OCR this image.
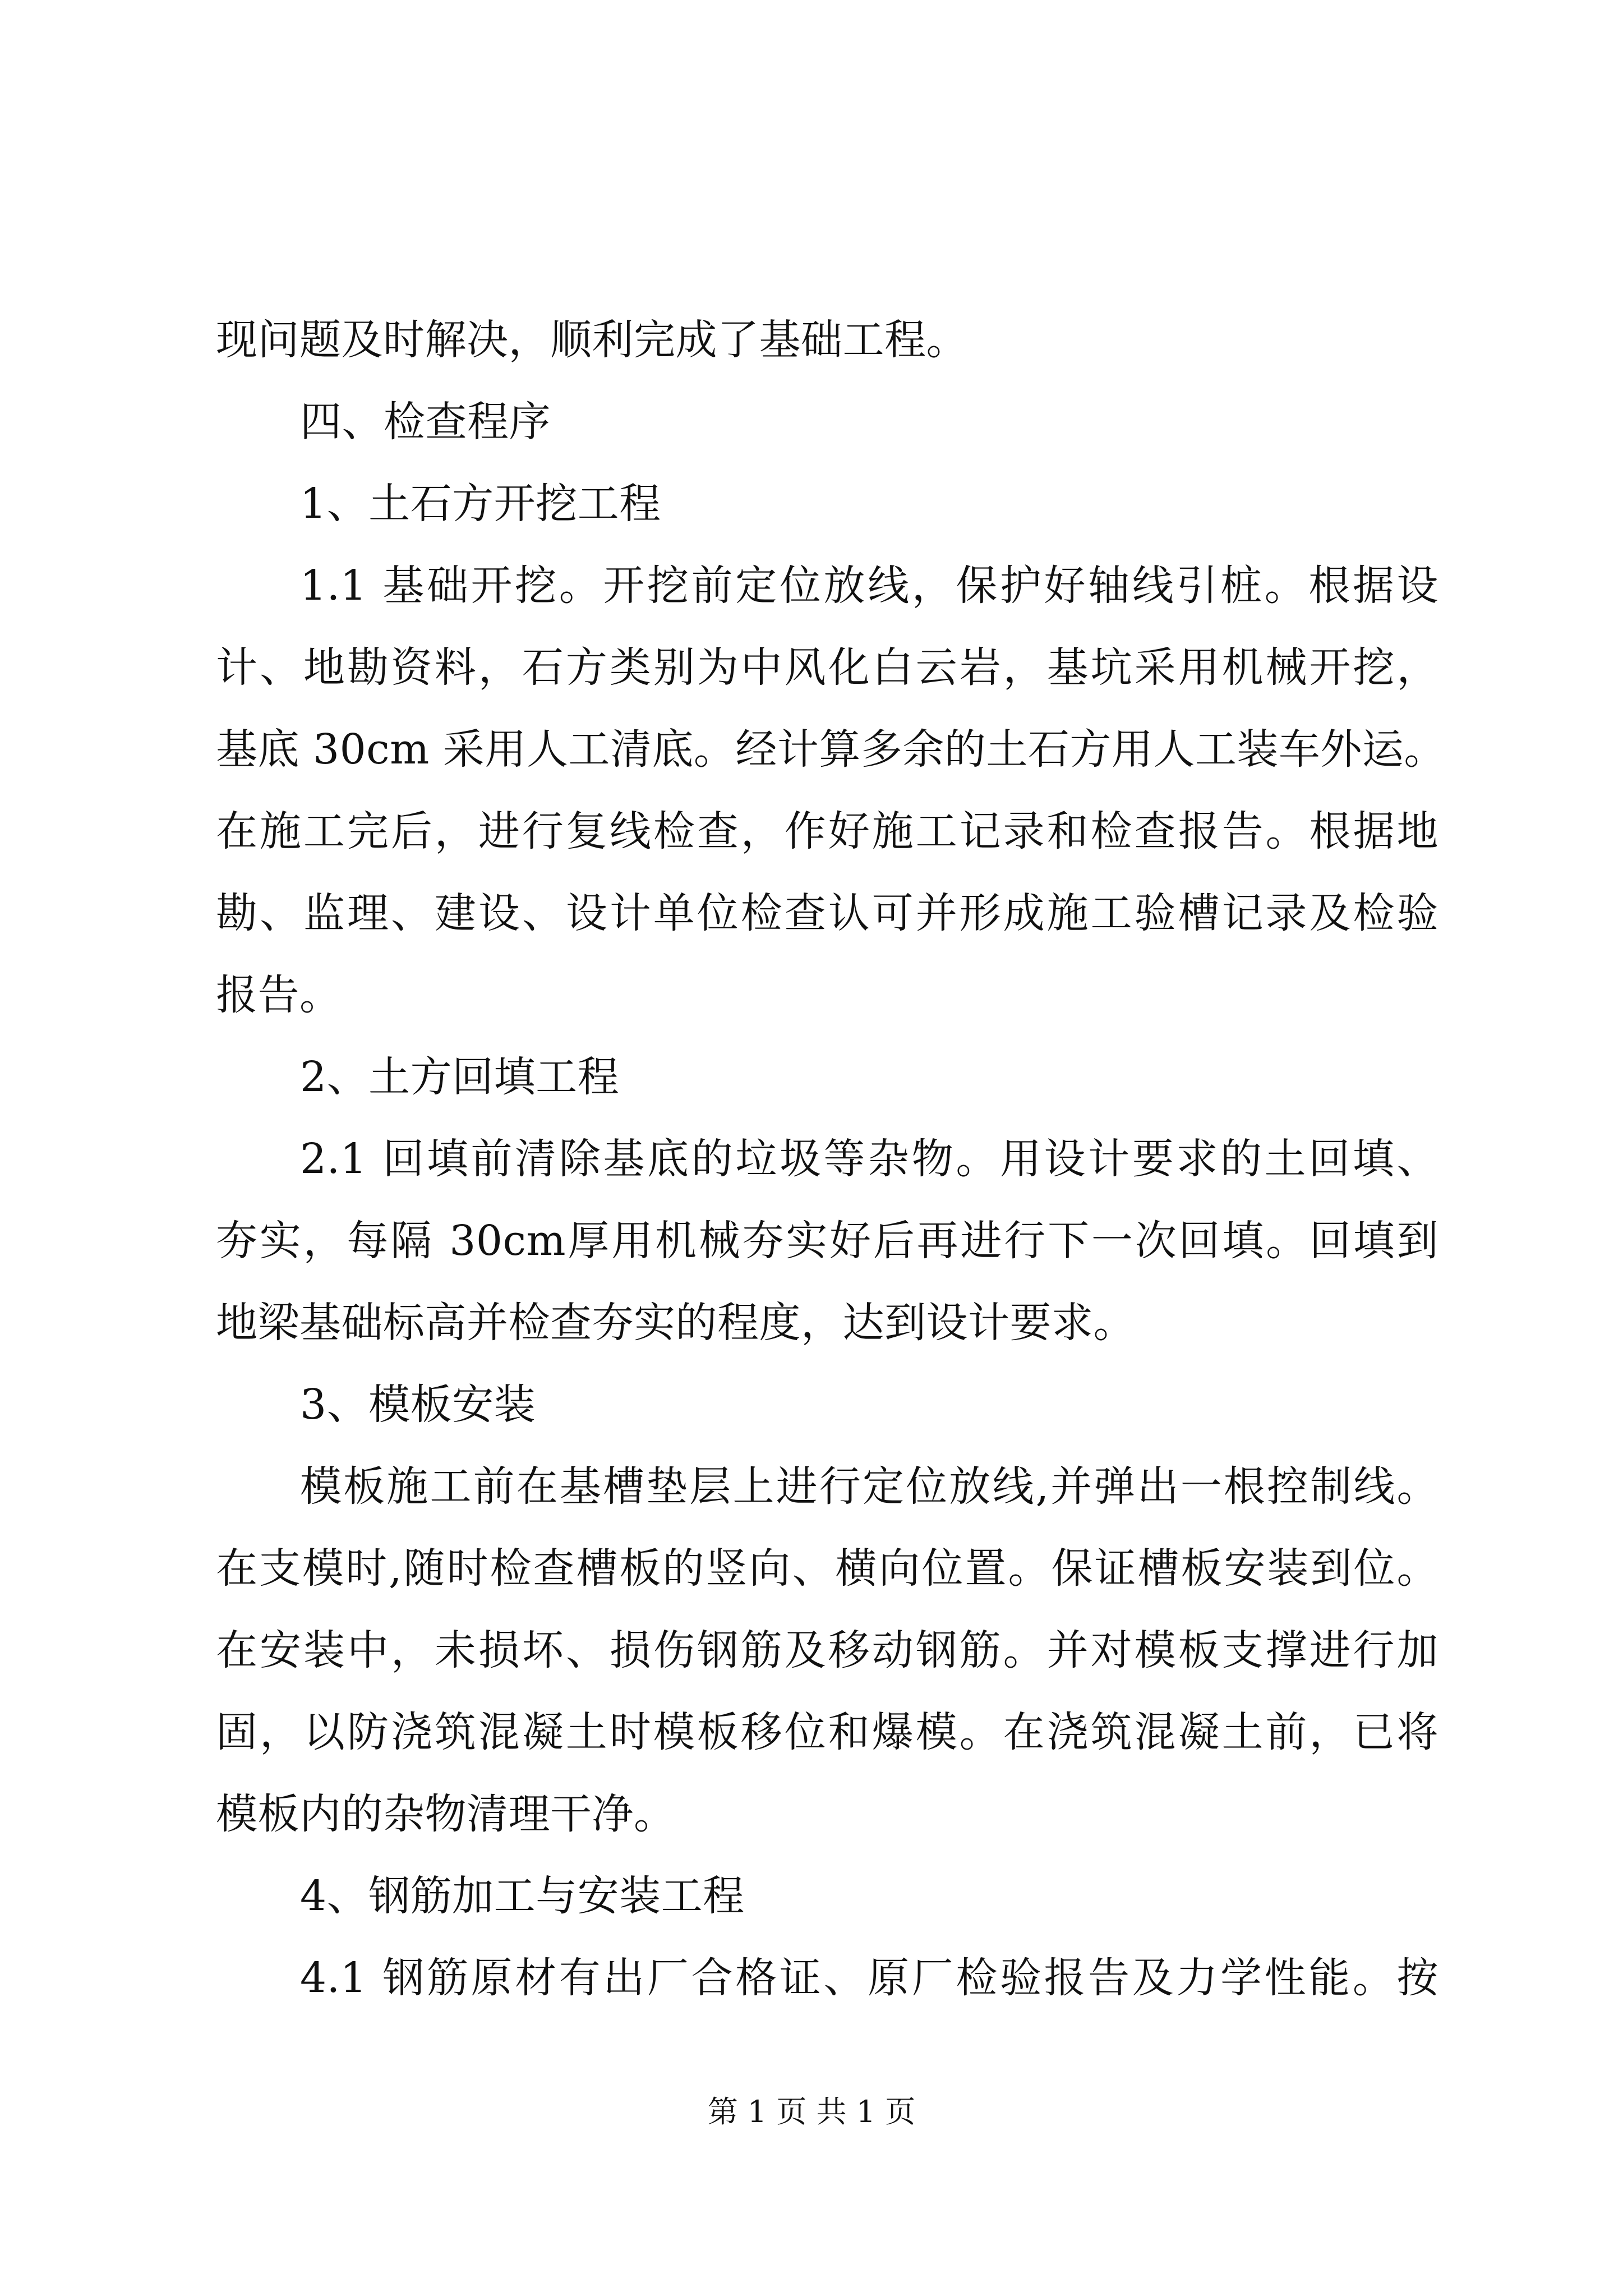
现问题及时解决，顺利完成了基础工程。
四、检查程序
1、土石方开挖工程
1.1 基础开挖。开挖前定位放线，保护好轴线引桩。根据设
计、地勘资料，石方类别为中风化白云岩，基坑采用机械开挖，
基底 30cm 采用人工清底。经计算多余的土石方用人工装车外运。
在施工完后，进行复线检查，作好施工记录和检查报告。根据地
勘、监理、建设、设计单位检查认可并形成施工验槽记录及检验
报告。
2、土方回填工程
2.1 回填前清除基底的垃圾等杂物。用设计要求的土回填、
夯实，每隔 30cm厚用机械夯实好后再进行下一次回填。回填到
地梁基础标高并检查夯实的程度，达到设计要求。
3、模板安装
模板施工前在基槽垫层上进行定位放线,并弹出一根控制线。
在支模时,随时检查槽板的竖向、横向位置。保证槽板安装到位。
在安装中，未损坏、损伤钢筋及移动钢筋。并对模板支撑进行加
固，以防浇筑混凝土时模板移位和爆模。在浇筑混凝土前，已将
模板内的杂物清理干净。
4、钢筋加工与安装工程
4.1 钢筋原材有出厂合格证、原厂检验报告及力学性能。按
第 1 页 共 1 页
